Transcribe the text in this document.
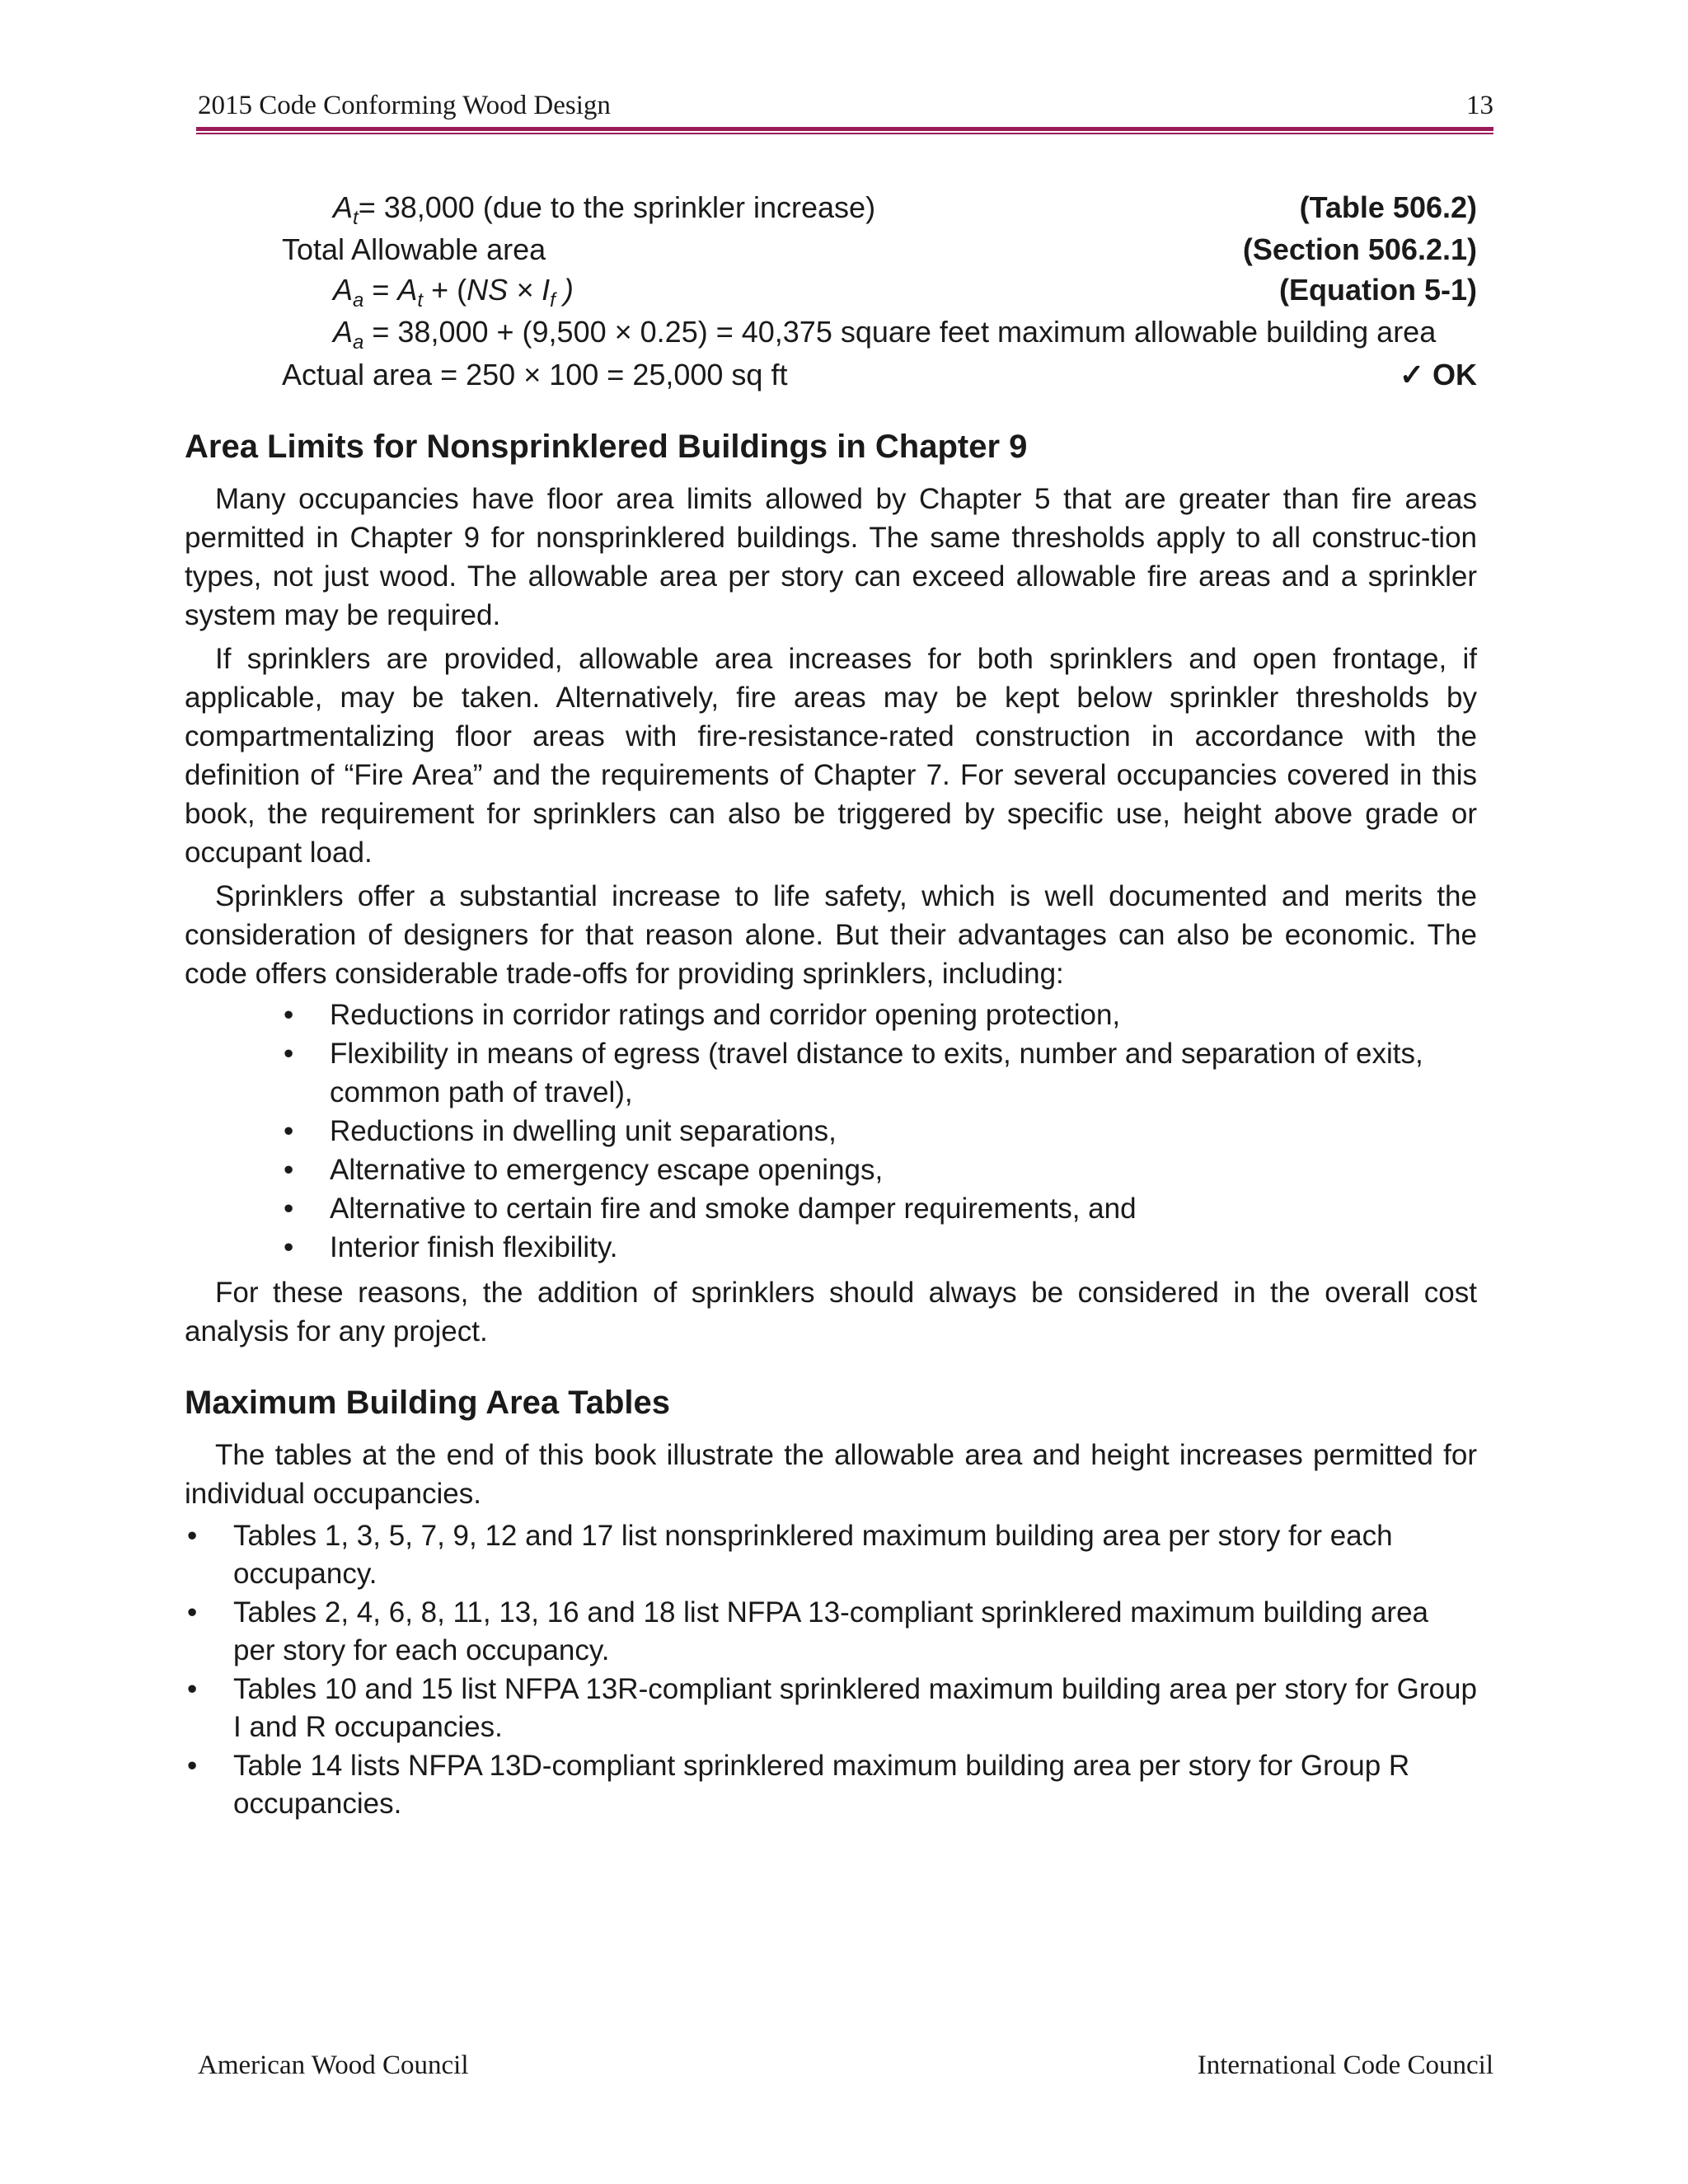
2015 Code Conforming Wood Design	13
$A_t= 38,000$ (due to the sprinkler increase)	(Table 506.2)
Total Allowable area	(Section 506.2.1)
$A_a = A_t + (NS \times I_f$ )	(Equation 5-1)
$A_a = 38,000 + (9,500 \times 0.25) = 40,375$ square feet maximum allowable building area
Actual area = 250 × 100 = 25,000 sq ft	✓ OK
Area Limits for Nonsprinklered Buildings in Chapter 9

Many occupancies have floor area limits allowed by Chapter 5 that are greater than fire areas permitted in Chapter 9 for nonsprinklered buildings. The same thresholds apply to all construc-tion types, not just wood. The allowable area per story can exceed allowable fire areas and a sprinkler system may be required.

If sprinklers are provided, allowable area increases for both sprinklers and open frontage, if applicable, may be taken. Alternatively, fire areas may be kept below sprinkler thresholds by compartmentalizing floor areas with fire-resistance-rated construction in accordance with the definition of “Fire Area” and the requirements of Chapter 7. For several occupancies covered in this book, the requirement for sprinklers can also be triggered by specific use, height above grade or occupant load.

Sprinklers offer a substantial increase to life safety, which is well documented and merits the consideration of designers for that reason alone. But their advantages can also be economic. The code offers considerable trade-offs for providing sprinklers, including:

• Reductions in corridor ratings and corridor opening protection,
• Flexibility in means of egress (travel distance to exits, number and separation of exits, common path of travel),
• Reductions in dwelling unit separations,
• Alternative to emergency escape openings,
• Alternative to certain fire and smoke damper requirements, and
• Interior finish flexibility.

For these reasons, the addition of sprinklers should always be considered in the overall cost analysis for any project.

Maximum Building Area Tables

The tables at the end of this book illustrate the allowable area and height increases permitted for individual occupancies.

• Tables 1, 3, 5, 7, 9, 12 and 17 list nonsprinklered maximum building area per story for each occupancy.
• Tables 2, 4, 6, 8, 11, 13, 16 and 18 list NFPA 13-compliant sprinklered maximum building area per story for each occupancy.
• Tables 10 and 15 list NFPA 13R-compliant sprinklered maximum building area per story for Group I and R occupancies.
• Table 14 lists NFPA 13D-compliant sprinklered maximum building area per story for Group R occupancies.
American Wood Council	International Code Council
